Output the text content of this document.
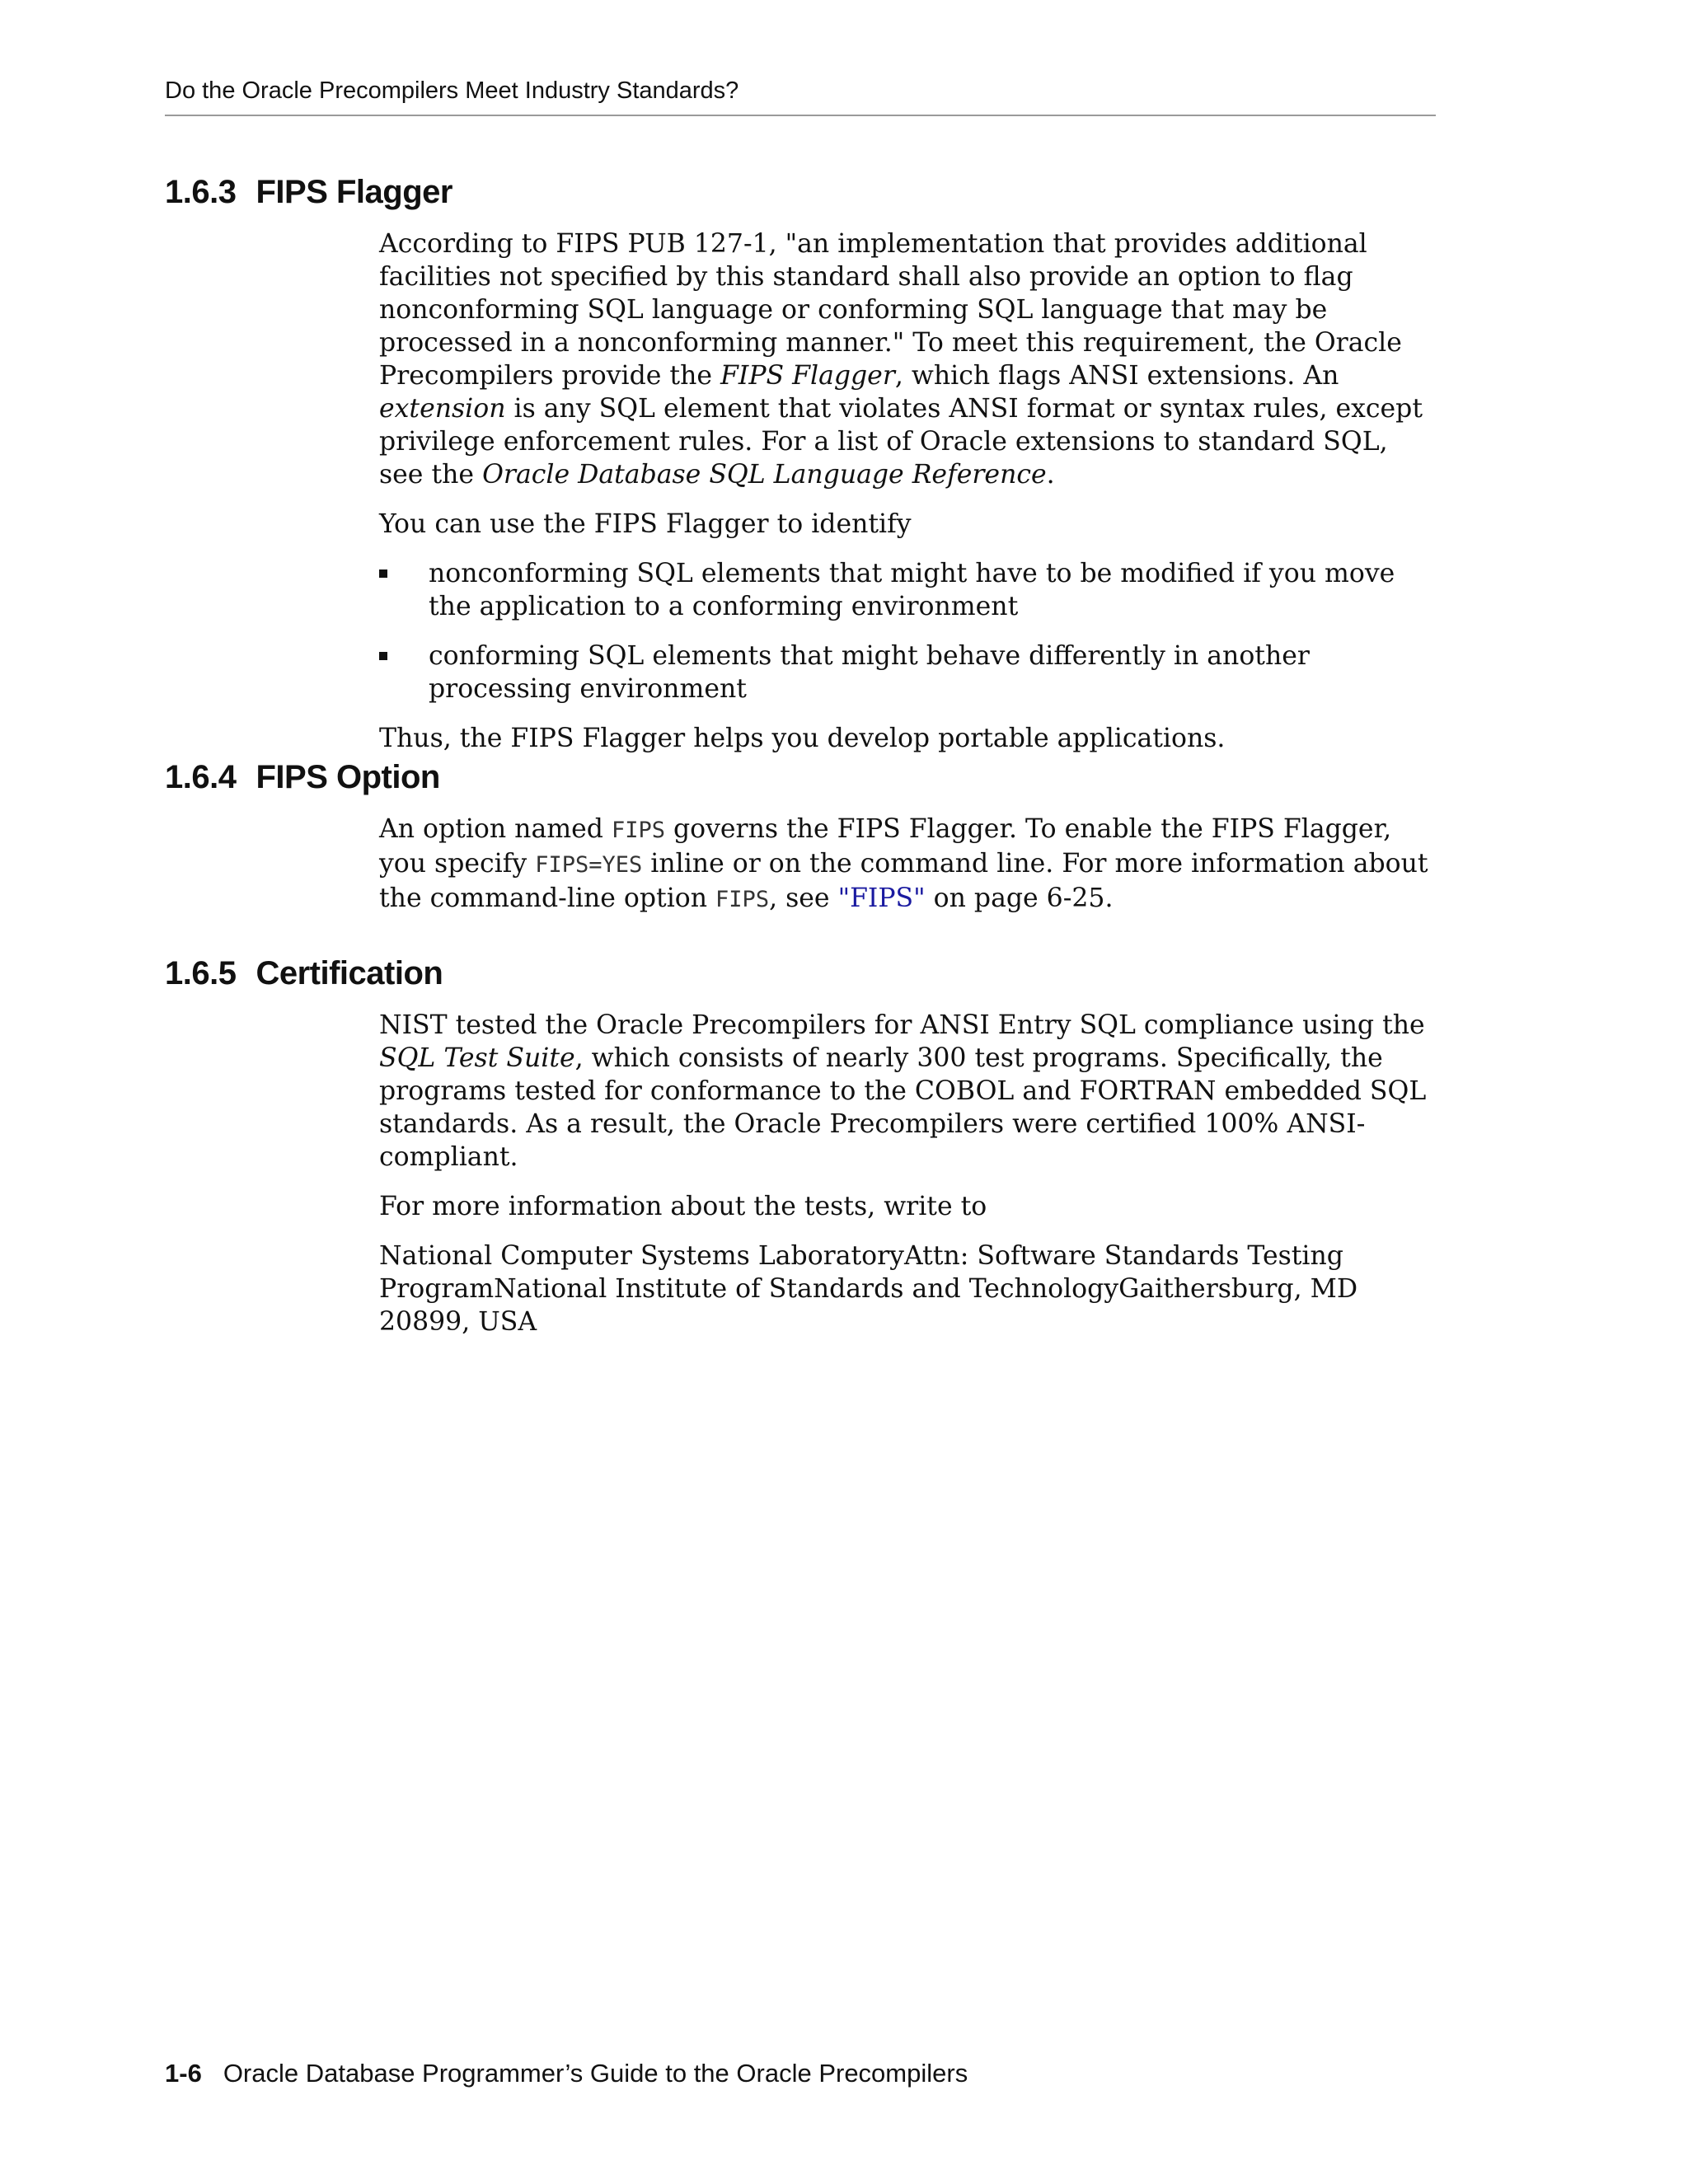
Do the Oracle Precompilers Meet Industry Standards?
1.6.3 FIPS Flagger

According to FIPS PUB 127-1, "an implementation that provides additional facilities not specified by this standard shall also provide an option to flag nonconforming SQL language or conforming SQL language that may be processed in a nonconforming manner." To meet this requirement, the Oracle Precompilers provide the FIPS Flagger, which flags ANSI extensions. An extension is any SQL element that violates ANSI format or syntax rules, except privilege enforcement rules. For a list of Oracle extensions to standard SQL, see the Oracle Database SQL Language Reference.

You can use the FIPS Flagger to identify

nonconforming SQL elements that might have to be modified if you move the application to a conforming environment
conforming SQL elements that might behave differently in another processing environment

Thus, the FIPS Flagger helps you develop portable applications.

1.6.4 FIPS Option

An option named FIPS governs the FIPS Flagger. To enable the FIPS Flagger, you specify FIPS=YES inline or on the command line. For more information about the command-line option FIPS, see "FIPS" on page 6-25.

1.6.5 Certification

NIST tested the Oracle Precompilers for ANSI Entry SQL compliance using the SQL Test Suite, which consists of nearly 300 test programs. Specifically, the programs tested for conformance to the COBOL and FORTRAN embedded SQL standards. As a result, the Oracle Precompilers were certified 100% ANSI-compliant.

For more information about the tests, write to

National Computer Systems LaboratoryAttn: Software Standards Testing ProgramNational Institute of Standards and TechnologyGaithersburg, MD 20899, USA

1-6 Oracle Database Programmer’s Guide to the Oracle Precompilers
